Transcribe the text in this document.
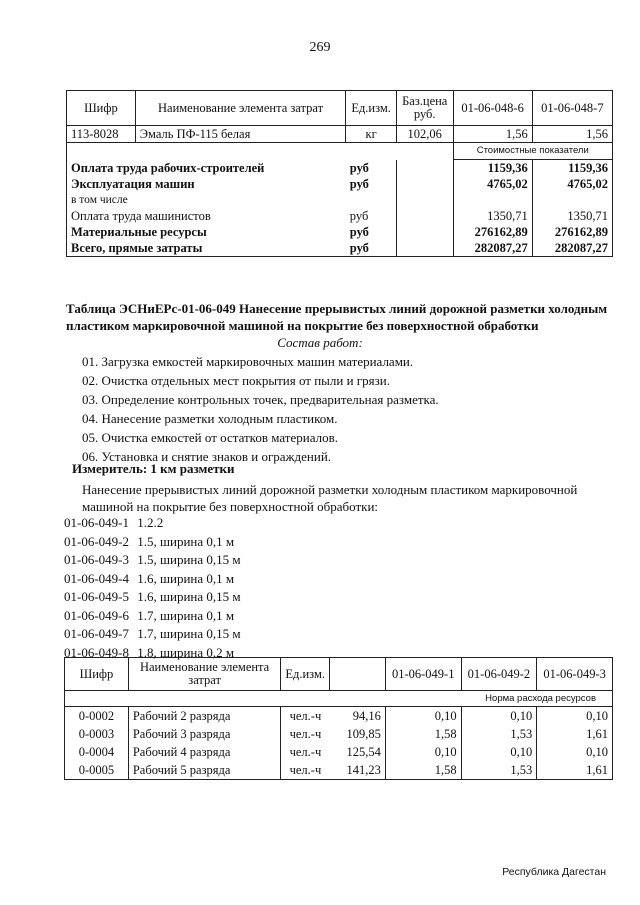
269
Шифр	Наименование элемента затрат	Ед.изм.	Баз.цена руб.	01-06-048-6	01-06-048-7
113-8028	Эмаль ПФ-115 белая	кг	102,06	1,56	1,56
				Стоимостные показатели	
Оплата труда рабочих-строителей		руб		1159,36	1159,36
Эксплуатация машин		руб		4765,02	4765,02
в том числе					
Оплата труда машинистов		руб		1350,71	1350,71
Материальные ресурсы		руб		276162,89	276162,89
Всего, прямые затраты		руб		282087,27	282087,27
Таблица ЭСНиЕРс-01-06-049 Нанесение прерывистых линий дорожной разметки холодным пластиком маркировочной машиной на покрытие без поверхностной обработки
Состав работ:
01. Загрузка емкостей маркировочных машин материалами.
02. Очистка отдельных мест покрытия от пыли и грязи.
03. Определение контрольных точек, предварительная разметка.
04. Нанесение разметки холодным пластиком.
05. Очистка емкостей от остатков материалов.
06. Установка и снятие знаков и ограждений.
Измеритель: 1 км разметки
Нанесение прерывистых линий дорожной разметки холодным пластиком маркировочной машиной на покрытие без поверхностной обработки:
01-06-049-1 1.2.2
01-06-049-2 1.5, ширина 0,1 м
01-06-049-3 1.5, ширина 0,15 м
01-06-049-4 1.6, ширина 0,1 м
01-06-049-5 1.6, ширина 0,15 м
01-06-049-6 1.7, ширина 0,1 м
01-06-049-7 1.7, ширина 0,15 м
01-06-049-8 1.8, ширина 0,2 м
Шифр	Наименование элемента затрат	Ед.изм.		01-06-049-1	01-06-049-2	01-06-049-3
Норма расхода ресурсов						
0-0002	Рабочий 2 разряда	чел.-ч	94,16	0,10	0,10	0,10
0-0003	Рабочий 3 разряда	чел.-ч	109,85	1,58	1,53	1,61
0-0004	Рабочий 4 разряда	чел.-ч	125,54	0,10	0,10	0,10
0-0005	Рабочий 5 разряда	чел.-ч	141,23	1,58	1,53	1,61
Республика Дагестан
